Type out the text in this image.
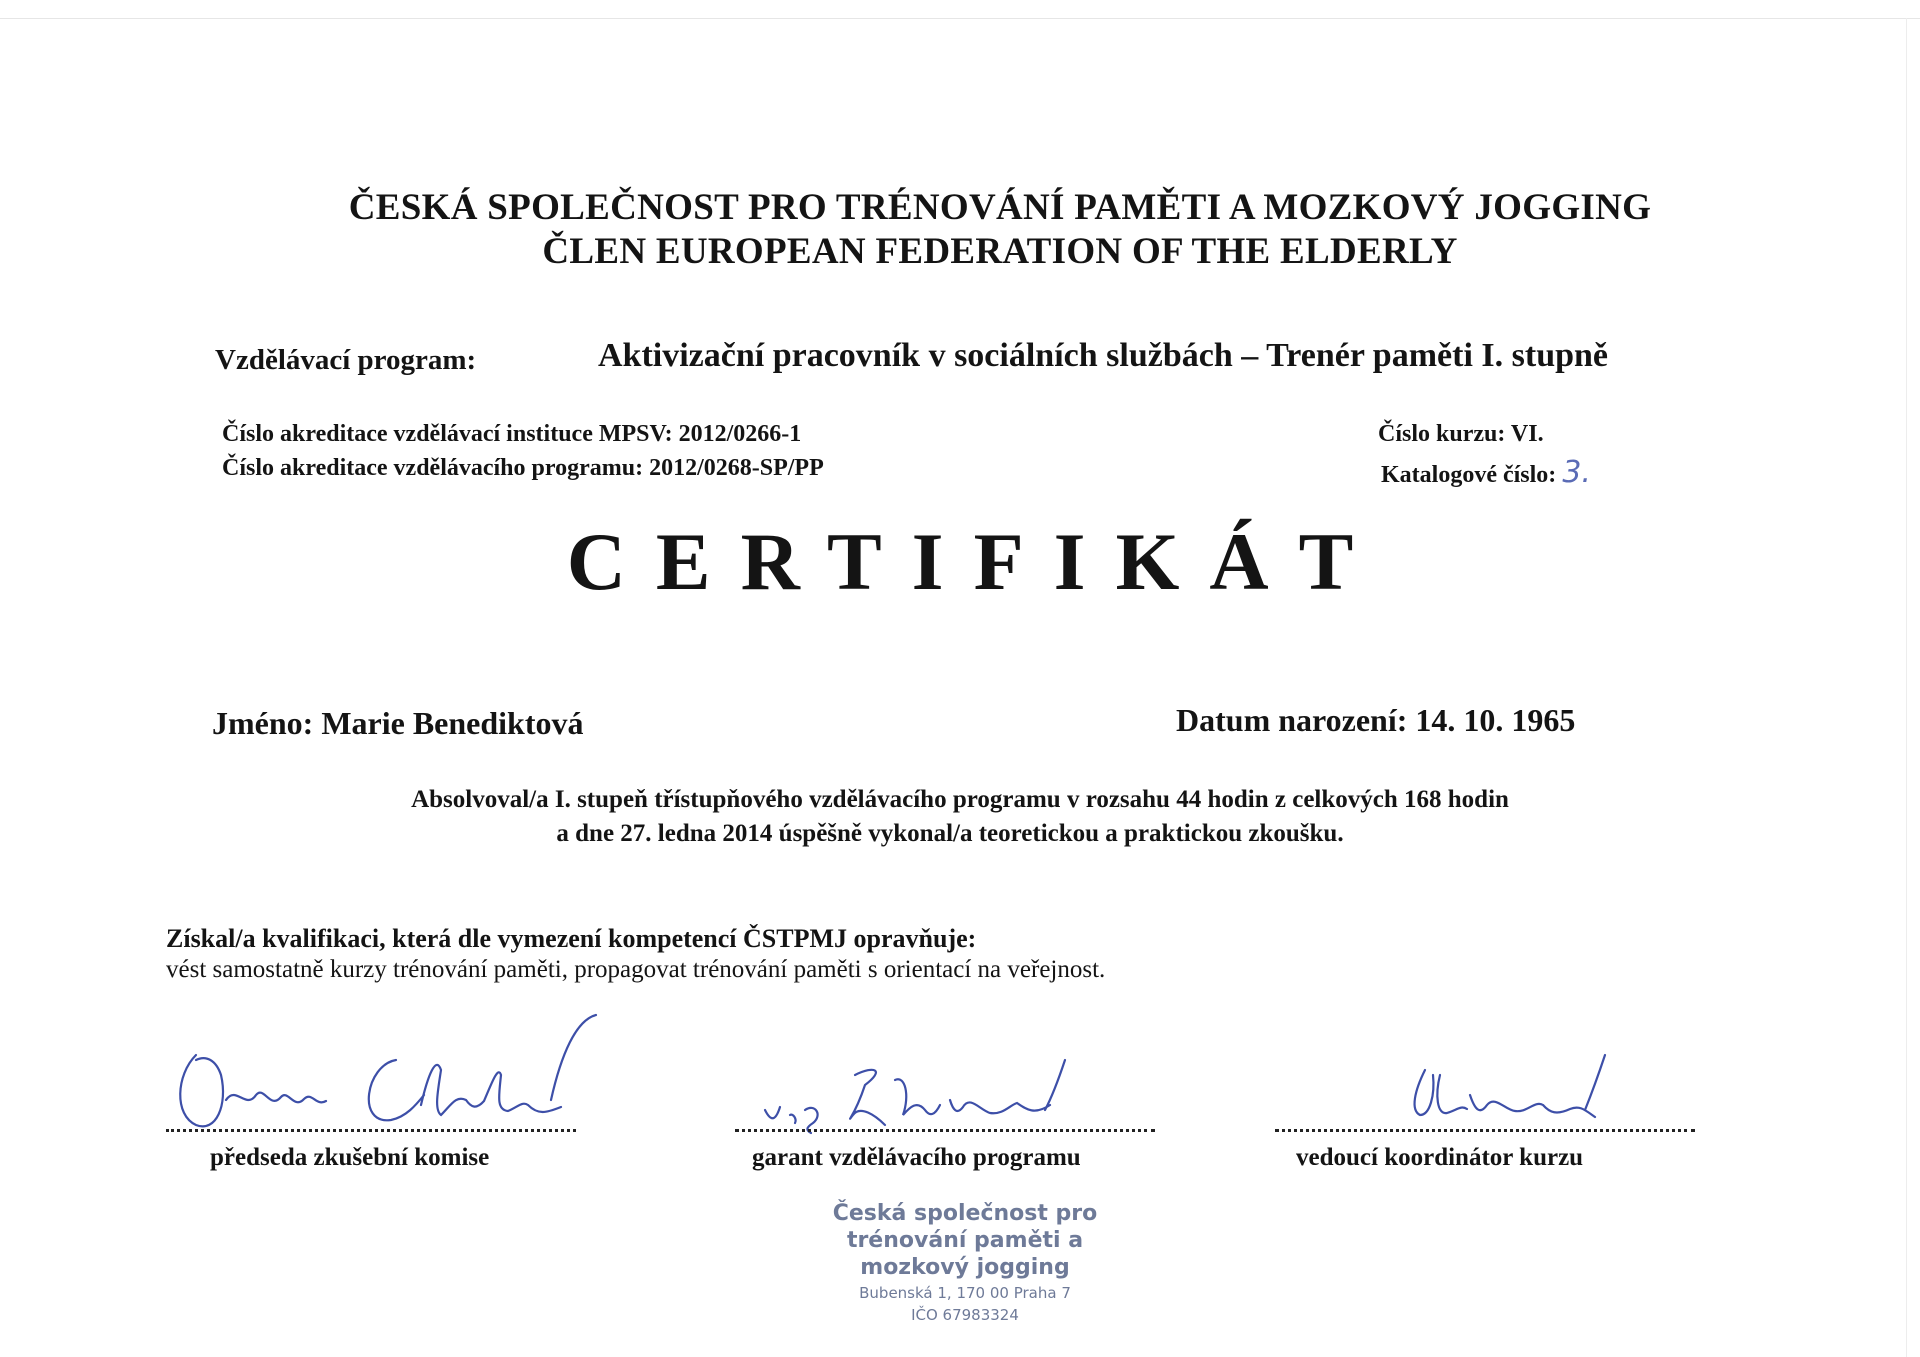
ČESKÁ SPOLEČNOST PRO TRÉNOVÁNÍ PAMĚTI A MOZKOVÝ JOGGING
ČLEN EUROPEAN FEDERATION OF THE ELDERLY
Vzdělávací program:	Aktivizační pracovník v sociálních službách – Trenér paměti I. stupně
Číslo akreditace vzdělávací instituce MPSV: 2012/0266-1
Číslo akreditace vzdělávacího programu: 2012/0268-SP/PP
Číslo kurzu: VI.
Katalogové číslo: 3.
CERTIFIKÁT
Jméno: Marie Benediktová	Datum narození: 14. 10. 1965
Absolvoval/a I. stupeň třístupňového vzdělávacího programu v rozsahu 44 hodin z celkových 168 hodin
a dne 27. ledna 2014 úspěšně vykonal/a teoretickou a praktickou zkoušku.
Získal/a kvalifikaci, která dle vymezení kompetencí ČSTPMJ opravňuje:
vést samostatně kurzy trénování paměti, propagovat trénování paměti s orientací na veřejnost.
předseda zkušební komise	garant vzdělávacího programu	vedoucí koordinátor kurzu
Česká společnost pro
trénování paměti a
mozkový jogging
Bubenská 1, 170 00 Praha 7
IČO 67983324
